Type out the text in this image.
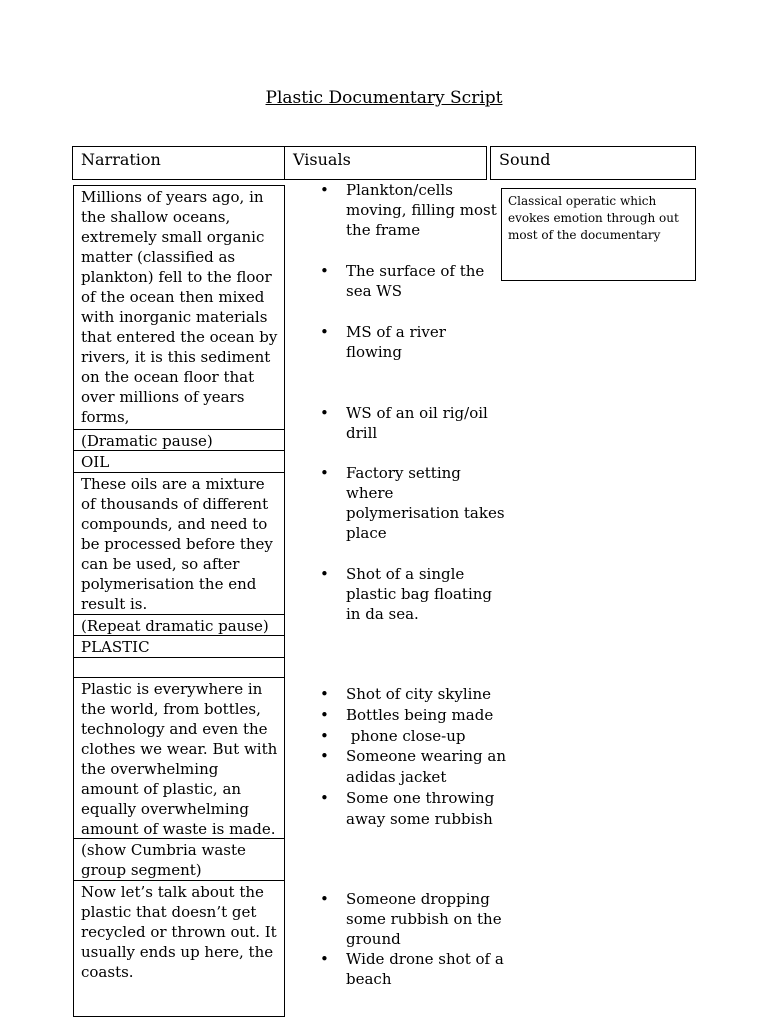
Plastic Documentary Script
Narration	Visuals	Sound
Millions of years ago, in the shallow oceans, extremely small organic matter (classified as plankton) fell to the floor of the ocean then mixed with inorganic materials that entered the ocean by rivers, it is this sediment on the ocean floor that over millions of years forms,
(Dramatic pause)
OIL
These oils are a mixture of thousands of different compounds, and need to be processed before they can be used, so after polymerisation the end result is.
(Repeat dramatic pause)
PLASTIC
Plastic is everywhere in the world, from bottles, technology and even the clothes we wear. But with the overwhelming amount of plastic, an equally overwhelming amount of waste is made.
(show Cumbria waste group segment)
Now let’s talk about the plastic that doesn’t get recycled or thrown out. It usually ends up here, the coasts.
• Plankton/cells moving, filling most the frame
• The surface of the sea WS
• MS of a river flowing
• WS of an oil rig/oil drill
• Factory setting where polymerisation takes place
• Shot of a single plastic bag floating in da sea.
• Shot of city skyline
• Bottles being made
•  phone close-up
• Someone wearing an adidas jacket
• Some one throwing away some rubbish
• Someone dropping some rubbish on the ground
• Wide drone shot of a beach
Classical operatic which evokes emotion through out most of the documentary
